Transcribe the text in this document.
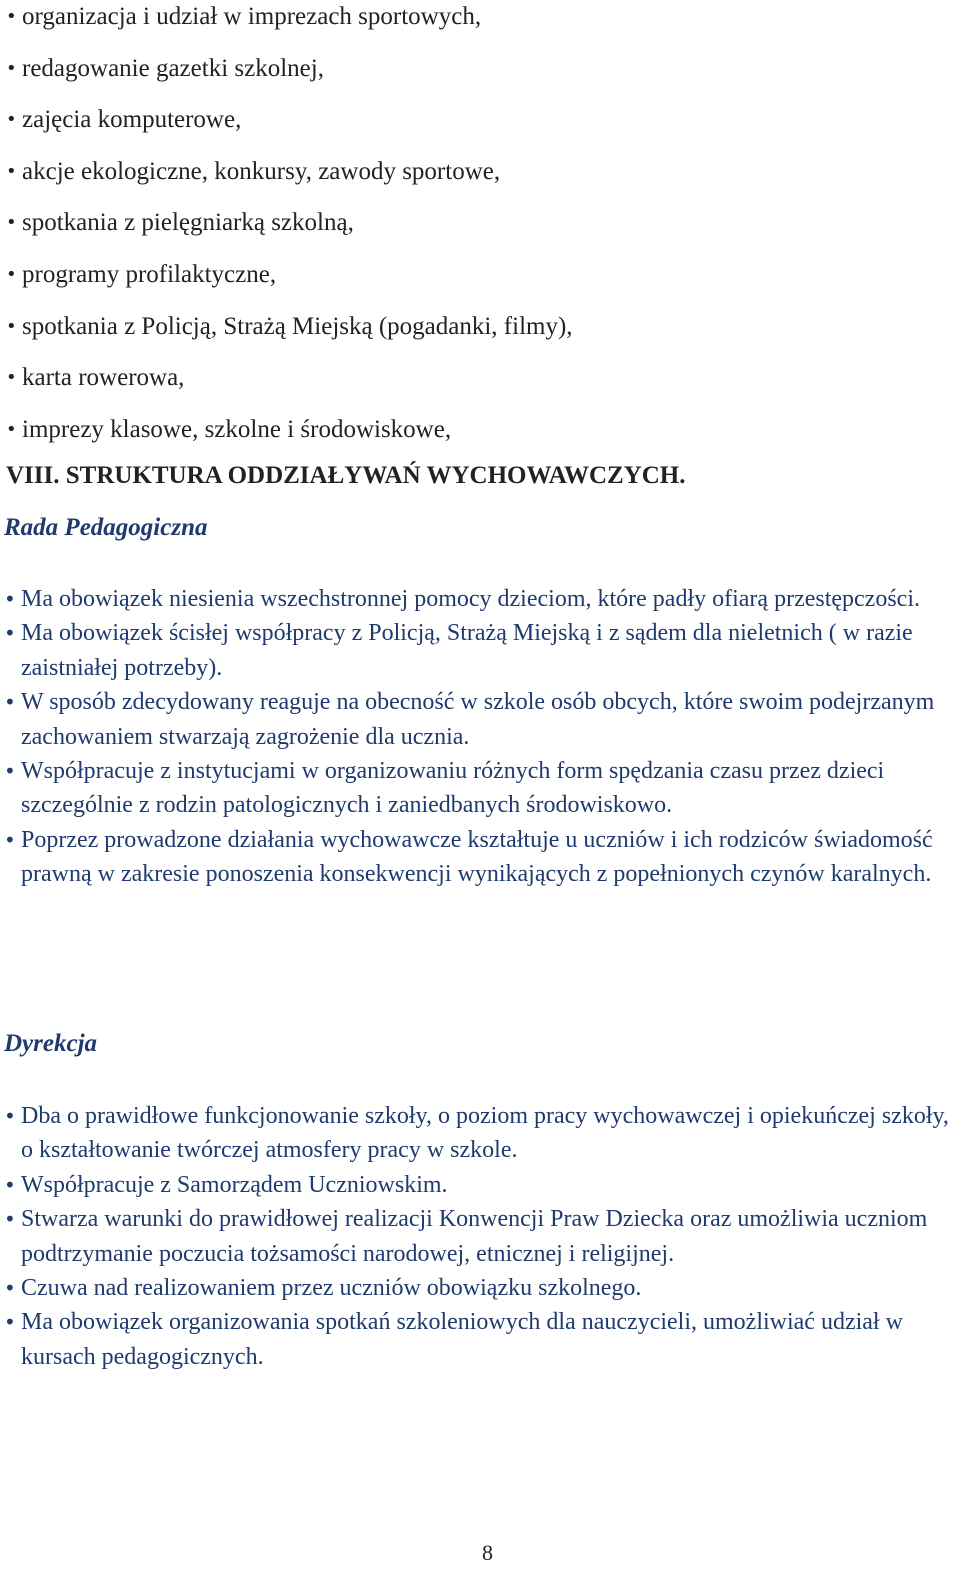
• organizacja i udział w imprezach sportowych,
• redagowanie gazetki szkolnej,
• zajęcia komputerowe,
• akcje ekologiczne, konkursy, zawody sportowe,
• spotkania z pielęgniarką szkolną,
• programy profilaktyczne,
• spotkania z Policją, Strażą Miejską (pogadanki, filmy),
• karta rowerowa,
• imprezy klasowe, szkolne i środowiskowe,
VIII. STRUKTURA ODDZIAŁYWAŃ WYCHOWAWCZYCH.
Rada Pedagogiczna
• Ma obowiązek niesienia wszechstronnej pomocy dzieciom, które padły ofiarą przestępczości.
• Ma obowiązek ścisłej współpracy z Policją, Strażą Miejską i z sądem dla nieletnich ( w razie zaistniałej potrzeby).
• W sposób zdecydowany reaguje na obecność w szkole osób obcych, które swoim podejrzanym zachowaniem stwarzają zagrożenie dla ucznia.
• Współpracuje z instytucjami w organizowaniu różnych form spędzania czasu przez dzieci szczególnie z rodzin patologicznych i zaniedbanych środowiskowo.
• Poprzez prowadzone działania wychowawcze kształtuje u uczniów i ich rodziców świadomość prawną w zakresie ponoszenia konsekwencji wynikających z popełnionych czynów karalnych.
Dyrekcja
• Dba o prawidłowe funkcjonowanie szkoły, o poziom pracy wychowawczej i opiekuńczej szkoły, o kształtowanie twórczej atmosfery pracy w szkole.
• Współpracuje z Samorządem Uczniowskim.
• Stwarza warunki do prawidłowej realizacji Konwencji Praw Dziecka oraz umożliwia uczniom podtrzymanie poczucia tożsamości narodowej, etnicznej i religijnej.
• Czuwa nad realizowaniem przez uczniów obowiązku szkolnego.
• Ma obowiązek organizowania spotkań szkoleniowych dla nauczycieli, umożliwiać udział w kursach pedagogicznych.
8
